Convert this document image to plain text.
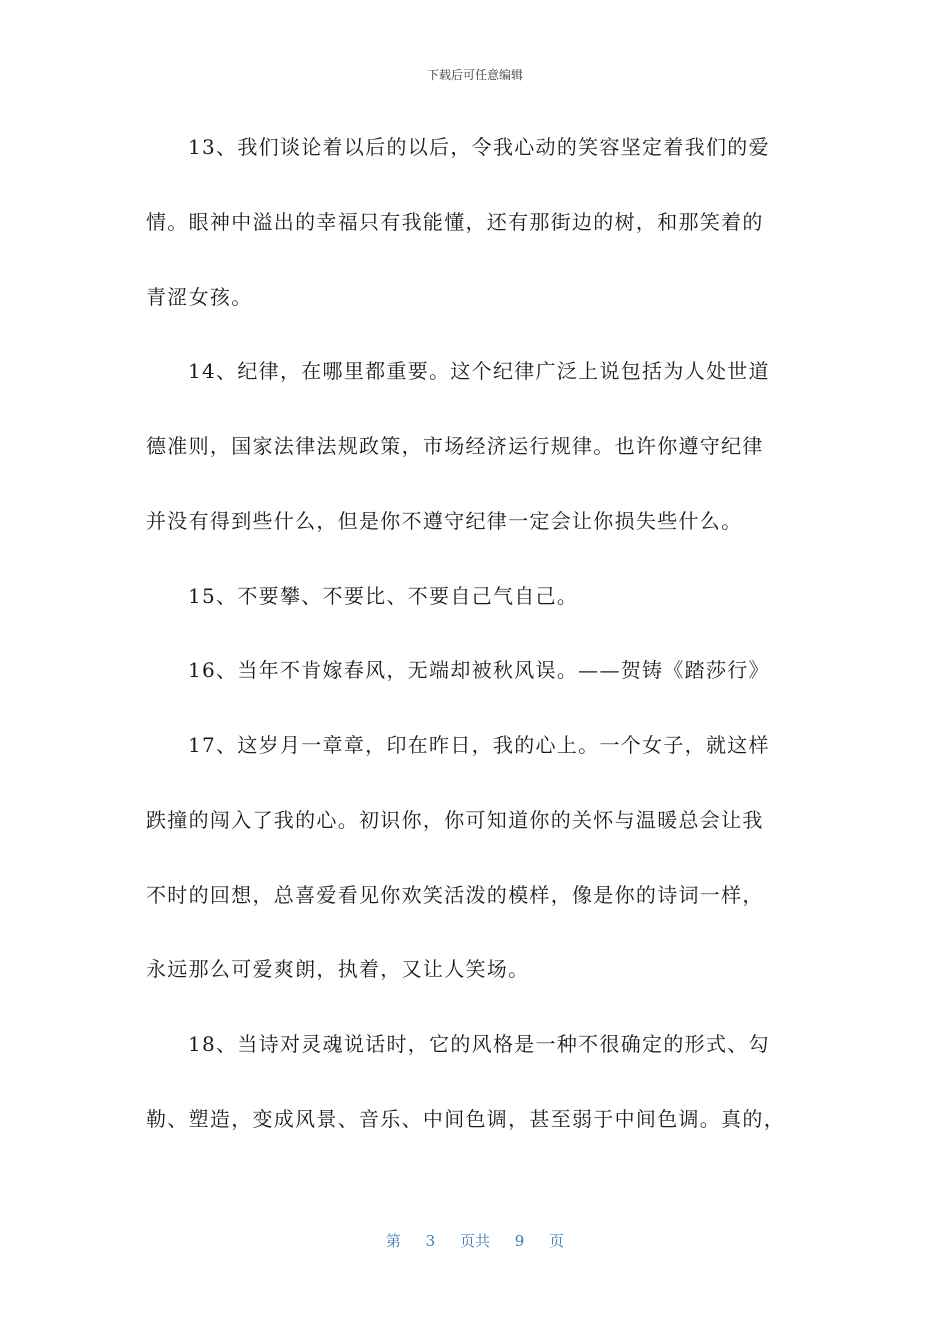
下载后可任意编辑
13、我们谈论着以后的以后，令我心动的笑容坚定着我们的爱
情。眼神中溢出的幸福只有我能懂，还有那街边的树，和那笑着的
青涩女孩。
14、纪律，在哪里都重要。这个纪律广泛上说包括为人处世道
德准则，国家法律法规政策，市场经济运行规律。也许你遵守纪律
并没有得到些什么，但是你不遵守纪律一定会让你损失些什么。
15、不要攀、不要比、不要自己气自己。
16、当年不肯嫁春风，无端却被秋风误。——贺铸《踏莎行》
17、这岁月一章章，印在昨日，我的心上。一个女子，就这样
跌撞的闯入了我的心。初识你，你可知道你的关怀与温暖总会让我
不时的回想，总喜爱看见你欢笑活泼的模样，像是你的诗词一样，
永远那么可爱爽朗，执着，又让人笑场。
18、当诗对灵魂说话时，它的风格是一种不很确定的形式、勾
勒、塑造，变成风景、音乐、中间色调，甚至弱于中间色调。真的，
第 3 页共 9 页
